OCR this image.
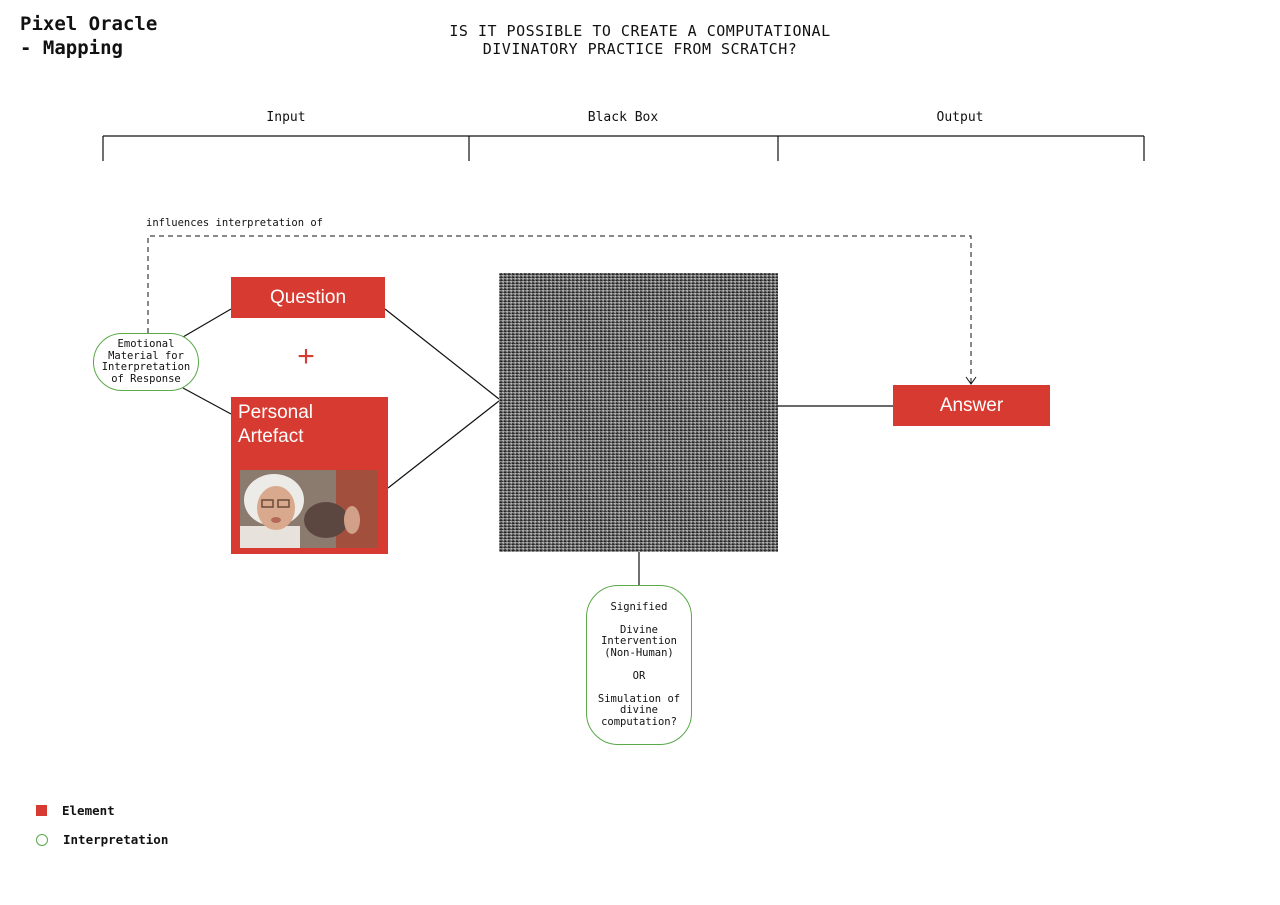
Pixel Oracle
- Mapping
IS IT POSSIBLE TO CREATE A COMPUTATIONAL
DIVINATORY PRACTICE FROM SCRATCH?
Input	Black Box	Output
influences interpretation of
Question
+
Personal
Artefact
Answer
Emotional Material for Interpretation of Response

Signified

Divine Intervention (Non-Human)

OR

Simulation of divine computation?

Element
Interpretation
